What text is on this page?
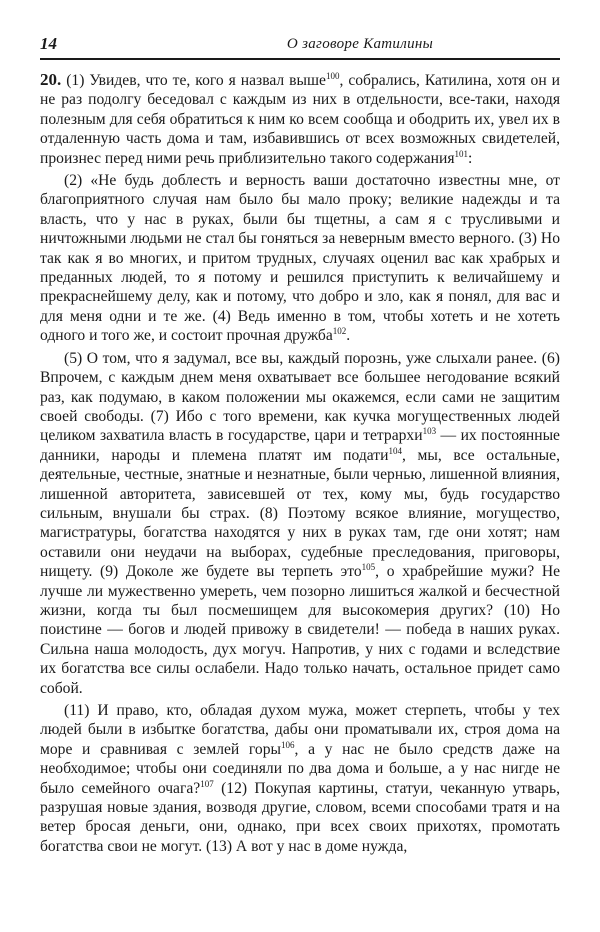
14	О заговоре Катилины

20. (1) Увидев, что те, кого я назвал выше$^{100}$, собрались, Катилина, хотя он и не раз подолгу беседовал с каждым из них в отдельности, все-таки, находя полезным для себя обратиться к ним ко всем сообща и ободрить их, увел их в отдаленную часть дома и там, избавившись от всех возможных свидетелей, произнес перед ними речь приблизительно такого содержания$^{101}$:

(2) «Не будь доблесть и верность ваши достаточно известны мне, от благоприятного случая нам было бы мало проку; великие надежды и та власть, что у нас в руках, были бы тщетны, а сам я с трусливыми и ничтожными людьми не стал бы гоняться за неверным вместо верного. (3) Но так как я во многих, и притом трудных, случаях оценил вас как храбрых и преданных людей, то я потому и решился приступить к величайшему и прекраснейшему делу, как и потому, что добро и зло, как я понял, для вас и для меня одни и те же. (4) Ведь именно в том, чтобы хотеть и не хотеть одного и того же, и состоит прочная дружба$^{102}$.

(5) О том, что я задумал, все вы, каждый порознь, уже слыхали ранее. (6) Впрочем, с каждым днем меня охватывает все большее негодование всякий раз, как подумаю, в каком положении мы окажемся, если сами не защитим своей свободы. (7) Ибо с того времени, как кучка могущественных людей целиком захватила власть в государстве, цари и тетрархи$^{103}$ — их постоянные данники, народы и племена платят им подати$^{104}$, мы, все остальные, деятельные, честные, знатные и незнатные, были чернью, лишенной влияния, лишенной авторитета, зависевшей от тех, кому мы, будь государство сильным, внушали бы страх. (8) Поэтому всякое влияние, могущество, магистратуры, богатства находятся у них в руках там, где они хотят; нам оставили они неудачи на выборах, судебные преследования, приговоры, нищету. (9) Доколе же будете вы терпеть это$^{105}$, о храбрейшие мужи? Не лучше ли мужественно умереть, чем позорно лишиться жалкой и бесчестной жизни, когда ты был посмешищем для высокомерия других? (10) Но поистине — богов и людей привожу в свидетели! — победа в наших руках. Сильна наша молодость, дух могуч. Напротив, у них с годами и вследствие их богатства все силы ослабели. Надо только начать, остальное придет само собой.

(11) И право, кто, обладая духом мужа, может стерпеть, чтобы у тех людей были в избытке богатства, дабы они проматывали их, строя дома на море и сравнивая с землей горы$^{106}$, а у нас не было средств даже на необходимое; чтобы они соединяли по два дома и больше, а у нас нигде не было семейного очага?$^{107}$ (12) Покупая картины, статуи, чеканную утварь, разрушая новые здания, возводя другие, словом, всеми способами тратя и на ветер бросая деньги, они, однако, при всех своих прихотях, промотать богатства свои не могут. (13) А вот у нас в доме нужда,
